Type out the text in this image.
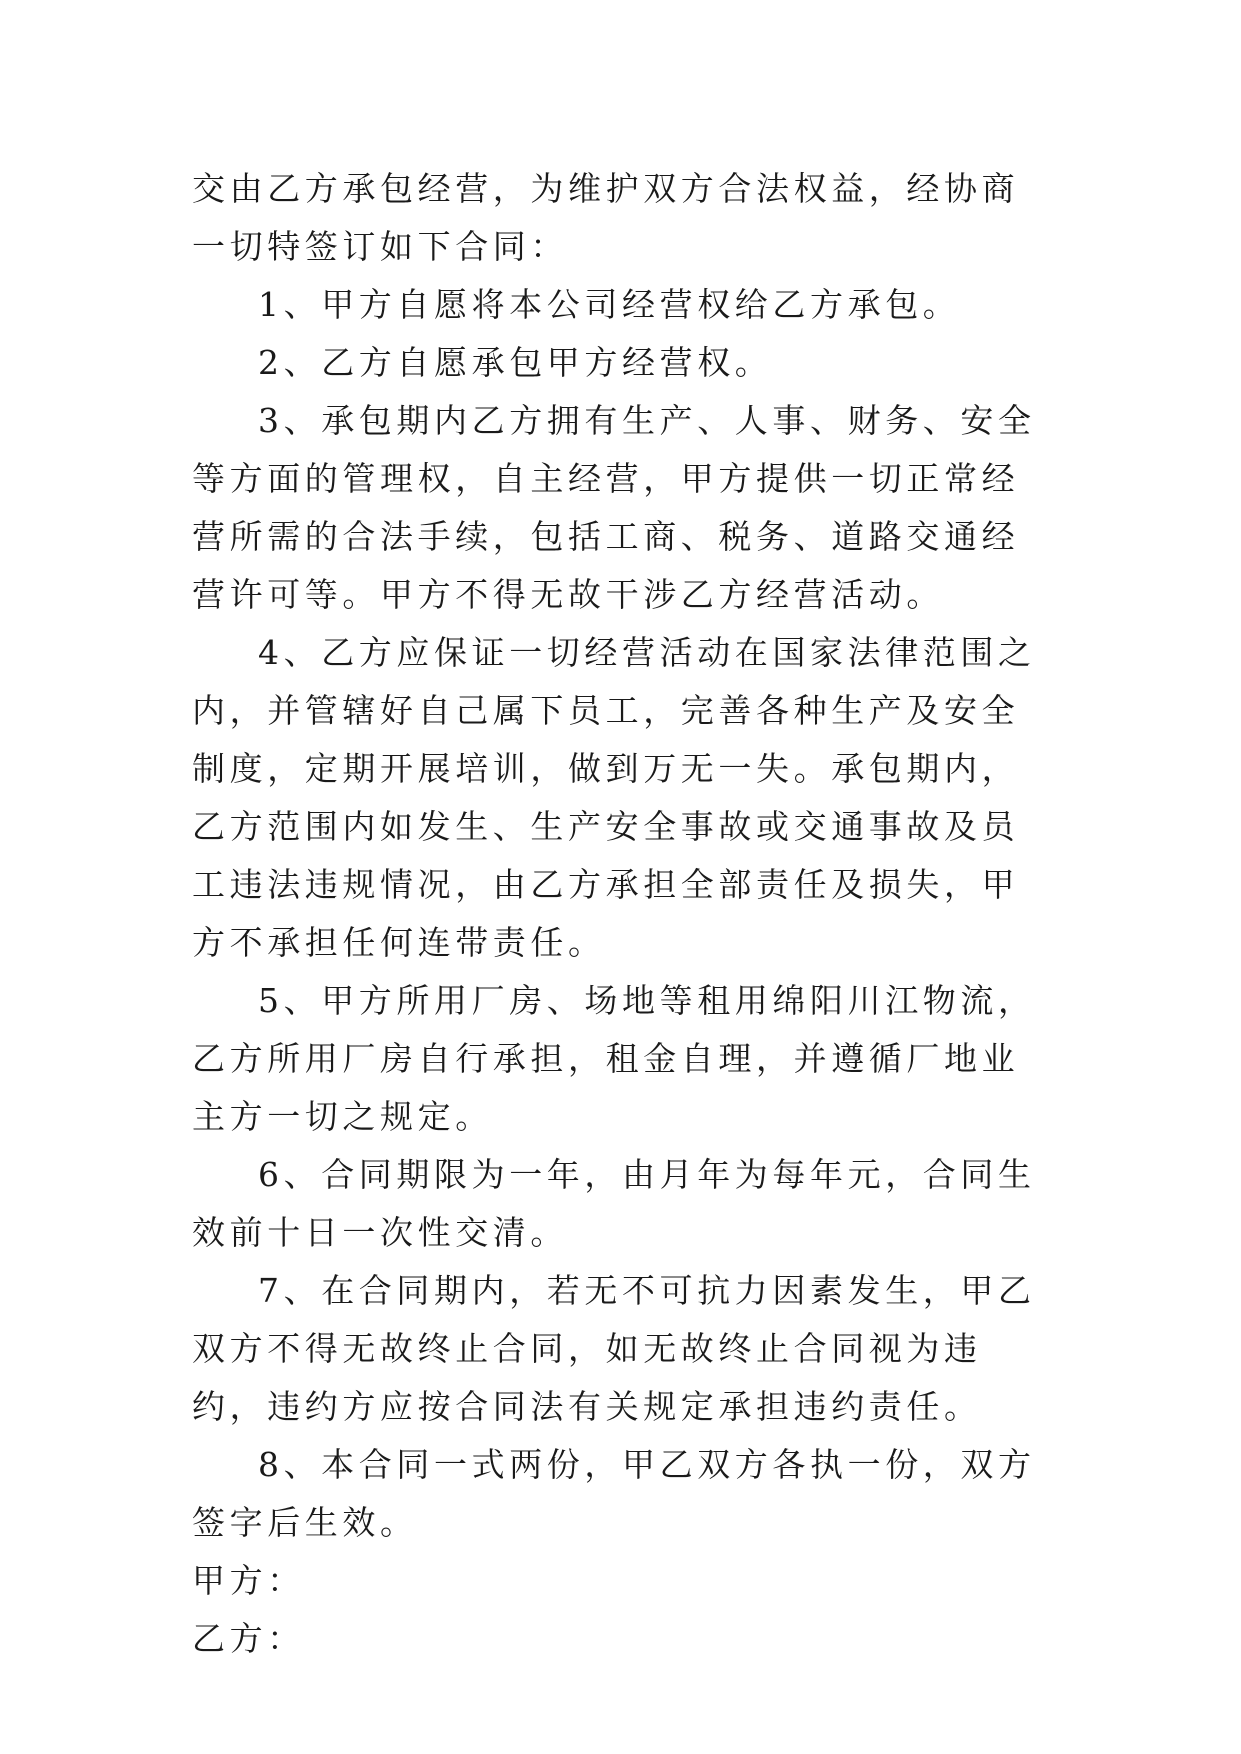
交由乙方承包经营，为维护双方合法权益，经协商一切特签订如下合同：

1、甲方自愿将本公司经营权给乙方承包。

2、乙方自愿承包甲方经营权。

3、承包期内乙方拥有生产、人事、财务、安全等方面的管理权，自主经营，甲方提供一切正常经营所需的合法手续，包括工商、税务、道路交通经营许可等。甲方不得无故干涉乙方经营活动。

4、乙方应保证一切经营活动在国家法律范围之内，并管辖好自己属下员工，完善各种生产及安全制度，定期开展培训，做到万无一失。承包期内，乙方范围内如发生、生产安全事故或交通事故及员工违法违规情况，由乙方承担全部责任及损失，甲方不承担任何连带责任。

5、甲方所用厂房、场地等租用绵阳川江物流，乙方所用厂房自行承担，租金自理，并遵循厂地业主方一切之规定。

6、合同期限为一年，由月年为每年元，合同生效前十日一次性交清。

7、在合同期内，若无不可抗力因素发生，甲乙双方不得无故终止合同，如无故终止合同视为违约，违约方应按合同法有关规定承担违约责任。

8、本合同一式两份，甲乙双方各执一份，双方签字后生效。

甲方：

乙方：
